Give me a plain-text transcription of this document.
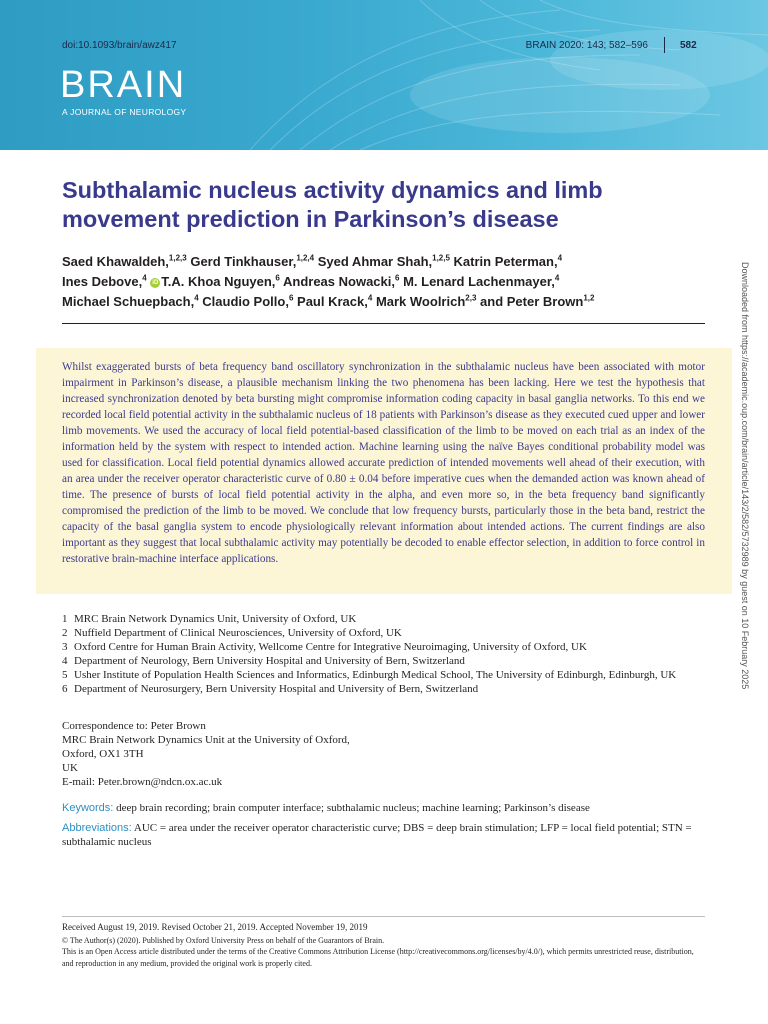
doi:10.1093/brain/awz417	BRAIN 2020: 143; 582–596	582
BRAIN
A JOURNAL OF NEUROLOGY
Subthalamic nucleus activity dynamics and limb movement prediction in Parkinson’s disease
Saed Khawaldeh,$^{1,2,3}$ Gerd Tinkhauser,$^{1,2,4}$ Syed Ahmar Shah,$^{1,2,5}$ Katrin Peterman,$^4$
Ines Debove,$^4$ iD T.A. Khoa Nguyen,$^6$ Andreas Nowacki,$^6$ M. Lenard Lachenmayer,$^4$
Michael Schuepbach,$^4$ Claudio Pollo,$^6$ Paul Krack,$^4$ Mark Woolrich$^{2,3}$ and Peter Brown$^{1,2}$	Downloaded from https://academic.oup.com/brain/article/143/2/582/5732989 by guest on 10 February 2025
Whilst exaggerated bursts of beta frequency band oscillatory synchronization in the subthalamic nucleus have been associated with motor impairment in Parkinson’s disease, a plausible mechanism linking the two phenomena has been lacking. Here we test the hypothesis that increased synchronization denoted by beta bursting might compromise information coding capacity in basal ganglia networks. To this end we recorded local field potential activity in the subthalamic nucleus of 18 patients with Parkinson’s disease as they executed cued upper and lower limb movements. We used the accuracy of local field potential-based classification of the limb to be moved on each trial as an index of the information held by the system with respect to intended action. Machine learning using the naïve Bayes conditional probability model was used for classification. Local field potential dynamics allowed accurate prediction of intended movements well ahead of their execution, with an area under the receiver operator characteristic curve of 0.80 ± 0.04 before imperative cues when the demanded action was known ahead of time. The presence of bursts of local field potential activity in the alpha, and even more so, in the beta frequency band significantly compromised the prediction of the limb to be moved. We conclude that low frequency bursts, particularly those in the beta band, restrict the capacity of the basal ganglia system to encode physiologically relevant information about intended actions. The current findings are also important as they suggest that local subthalamic activity may potentially be decoded to enable effector selection, in addition to force control in restorative brain-machine interface applications.
1 MRC Brain Network Dynamics Unit, University of Oxford, UK
2 Nuffield Department of Clinical Neurosciences, University of Oxford, UK
3 Oxford Centre for Human Brain Activity, Wellcome Centre for Integrative Neuroimaging, University of Oxford, UK
4 Department of Neurology, Bern University Hospital and University of Bern, Switzerland
5 Usher Institute of Population Health Sciences and Informatics, Edinburgh Medical School, The University of Edinburgh, Edinburgh, UK
6 Department of Neurosurgery, Bern University Hospital and University of Bern, Switzerland
Correspondence to: Peter Brown
MRC Brain Network Dynamics Unit at the University of Oxford,
Oxford, OX1 3TH
UK
E-mail: Peter.brown@ndcn.ox.ac.uk
Keywords: deep brain recording; brain computer interface; subthalamic nucleus; machine learning; Parkinson’s disease
Abbreviations: AUC = area under the receiver operator characteristic curve; DBS = deep brain stimulation; LFP = local field potential; STN = subthalamic nucleus
Received August 19, 2019. Revised October 21, 2019. Accepted November 19, 2019
© The Author(s) (2020). Published by Oxford University Press on behalf of the Guarantors of Brain.
This is an Open Access article distributed under the terms of the Creative Commons Attribution License (http://creativecommons.org/licenses/by/4.0/), which permits unrestricted reuse, distribution, and reproduction in any medium, provided the original work is properly cited.
